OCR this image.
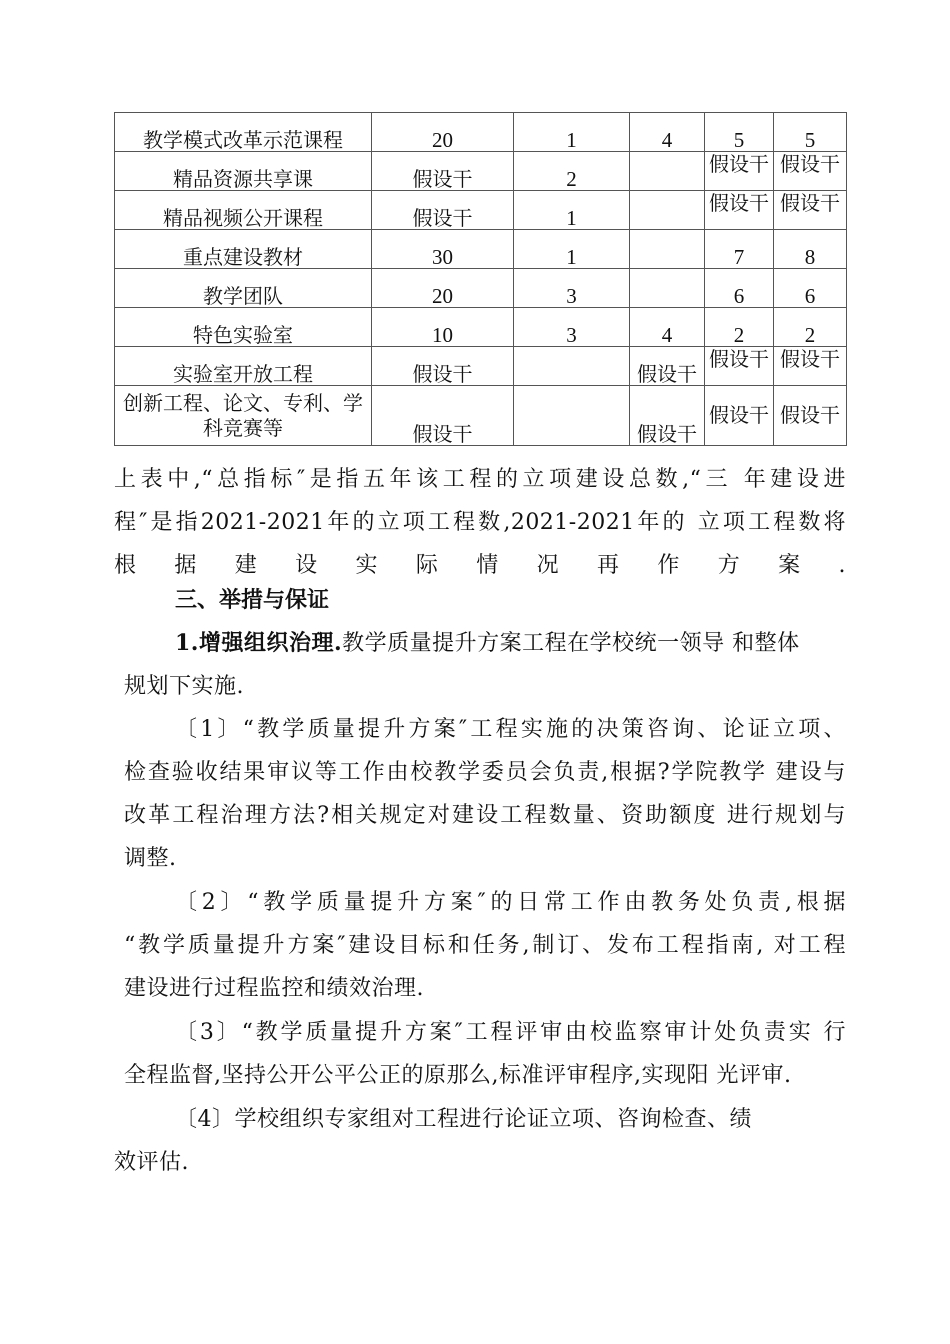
教学模式改革示范课程	20	1	4	5	5
精品资源共享课	假设干	2		假设干	假设干
精品视频公开课程	假设干	1		假设干	假设干
重点建设教材	30	1		7	8
教学团队	20	3		6	6
特色实验室	10	3	4	2	2
实验室开放工程	假设干		假设干	假设干	假设干
创新工程、论文、专利、学科竞赛等	假设干		假设干	假设干	假设干
上表中,“总指标″是指五年该工程的立项建设总数,“三 年建设进
程″是指2021-2021年的立项工程数,2021-2021年的 立项工程数将
根 据 建 设 实 际 情 况 再 作 方 案 .
三、举措与保证
1.增强组织治理.教学质量提升方案工程在学校统一领导 和整体
规划下实施.
〔1〕“教学质量提升方案″工程实施的决策咨询、论证立项、
检查验收结果审议等工作由校教学委员会负责,根据?学院教学 建设与
改革工程治理方法?相关规定对建设工程数量、资助额度 进行规划与
调整.
〔2〕“教学质量提升方案″的日常工作由教务处负责,根据
“教学质量提升方案″建设目标和任务,制订、发布工程指南, 对工程
建设进行过程监控和绩效治理.
〔3〕“教学质量提升方案″工程评审由校监察审计处负责实 行
全程监督,坚持公开公平公正的原那么,标准评审程序,实现阳 光评审.
〔4〕学校组织专家组对工程进行论证立项、咨询检查、绩
效评估.
